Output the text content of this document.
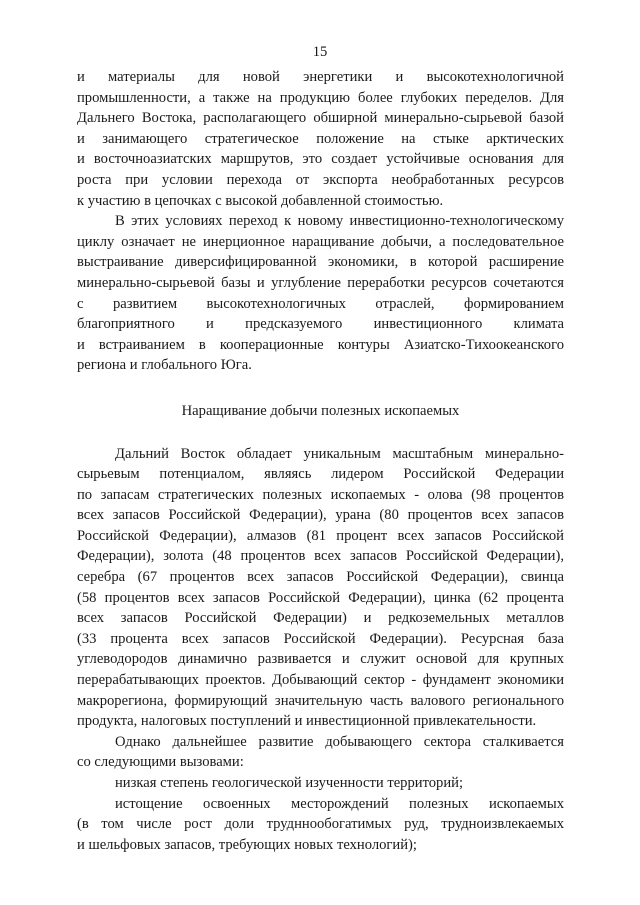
15
и материалы для новой энергетики и высокотехнологичной
промышленности, а также на продукцию более глубоких переделов. Для
Дальнего Востока, располагающего обширной минерально-сырьевой базой
и занимающего стратегическое положение на стыке арктических
и восточноазиатских маршрутов, это создает устойчивые основания для
роста при условии перехода от экспорта необработанных ресурсов
к участию в цепочках с высокой добавленной стоимостью.
В этих условиях переход к новому инвестиционно-технологическому
циклу означает не инерционное наращивание добычи, а последовательное
выстраивание диверсифицированной экономики, в которой расширение
минерально-сырьевой базы и углубление переработки ресурсов сочетаются
с развитием высокотехнологичных отраслей, формированием
благоприятного и предсказуемого инвестиционного климата
и встраиванием в кооперационные контуры Азиатско-Тихоокеанского
региона и глобального Юга.
Наращивание добычи полезных ископаемых
Дальний Восток обладает уникальным масштабным минерально-
сырьевым потенциалом, являясь лидером Российской Федерации
по запасам стратегических полезных ископаемых - олова (98 процентов
всех запасов Российской Федерации), урана (80 процентов всех запасов
Российской Федерации), алмазов (81 процент всех запасов Российской
Федерации), золота (48 процентов всех запасов Российской Федерации),
серебра (67 процентов всех запасов Российской Федерации), свинца
(58 процентов всех запасов Российской Федерации), цинка (62 процента
всех запасов Российской Федерации) и редкоземельных металлов
(33 процента всех запасов Российской Федерации). Ресурсная база
углеводородов динамично развивается и служит основой для крупных
перерабатывающих проектов. Добывающий сектор - фундамент экономики
макрорегиона, формирующий значительную часть валового регионального
продукта, налоговых поступлений и инвестиционной привлекательности.
Однако дальнейшее развитие добывающего сектора сталкивается
со следующими вызовами:
низкая степень геологической изученности территорий;
истощение освоенных месторождений полезных ископаемых
(в том числе рост доли трудннообогатимых руд, трудноизвлекаемых
и шельфовых запасов, требующих новых технологий);
